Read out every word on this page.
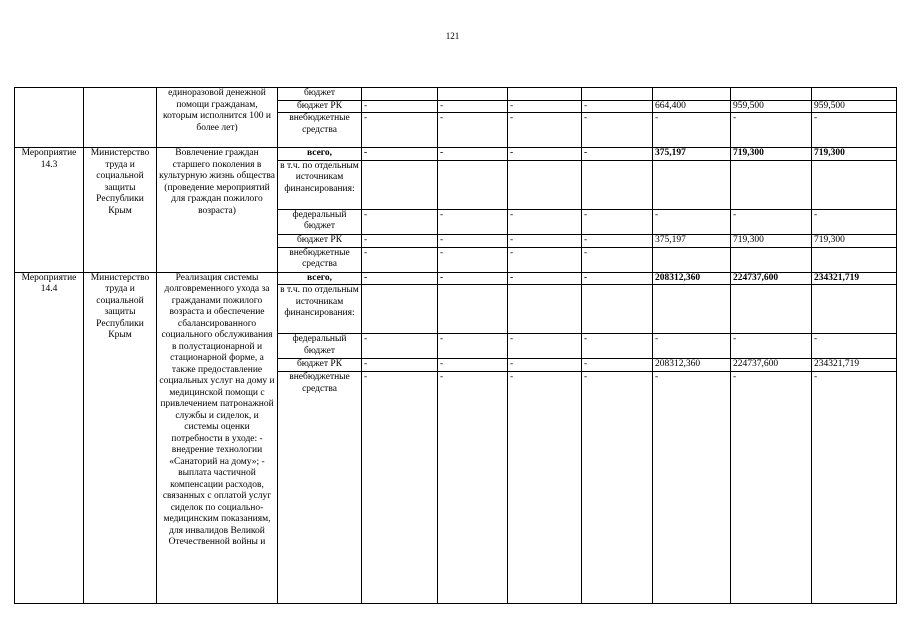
121
		единоразовой денежной помощи гражданам, которым исполнится 100 и более лет)	бюджет							
			бюджет РК	-	-	-	-	664,400	959,500	959,500
			внебюджетные средства	-	-	-	-	-	-	-
Мероприятие 14.3	Министерство труда и социальной защиты Республики Крым	Вовлечение граждан старшего поколения в культурную жизнь общества (проведение мероприятий для граждан пожилого возраста)	всего,	-	-	-	-	375,197	719,300	719,300
			в т.ч. по отдельным источникам финансирования:							
			федеральный бюджет	-	-	-	-	-	-	-
			бюджет РК	-	-	-	-	375,197	719,300	719,300
			внебюджетные средства	-	-	-	-			
Мероприятие 14.4	Министерство труда и социальной защиты Республики Крым	Реализация системы долговременного ухода за гражданами пожилого возраста и обеспечение сбалансированного социального обслуживания в полустационарной и стационарной форме, а также предоставление социальных услуг на дому и медицинской помощи с привлечением патронажной службы и сиделок, и системы оценки потребности в уходе: - внедрение технологии «Санаторий на дому»; - выплата частичной компенсации расходов, связанных с оплатой услуг сиделок по социально-медицинским показаниям, для инвалидов Великой Отечественной войны и	всего,	-	-	-	-	208312,360	224737,600	234321,719
			в т.ч. по отдельным источникам финансирования:							
			федеральный бюджет	-	-	-	-	-	-	-
			бюджет РК	-	-	-	-	208312,360	224737,600	234321,719
			внебюджетные средства	-	-	-	-	-	-	-
